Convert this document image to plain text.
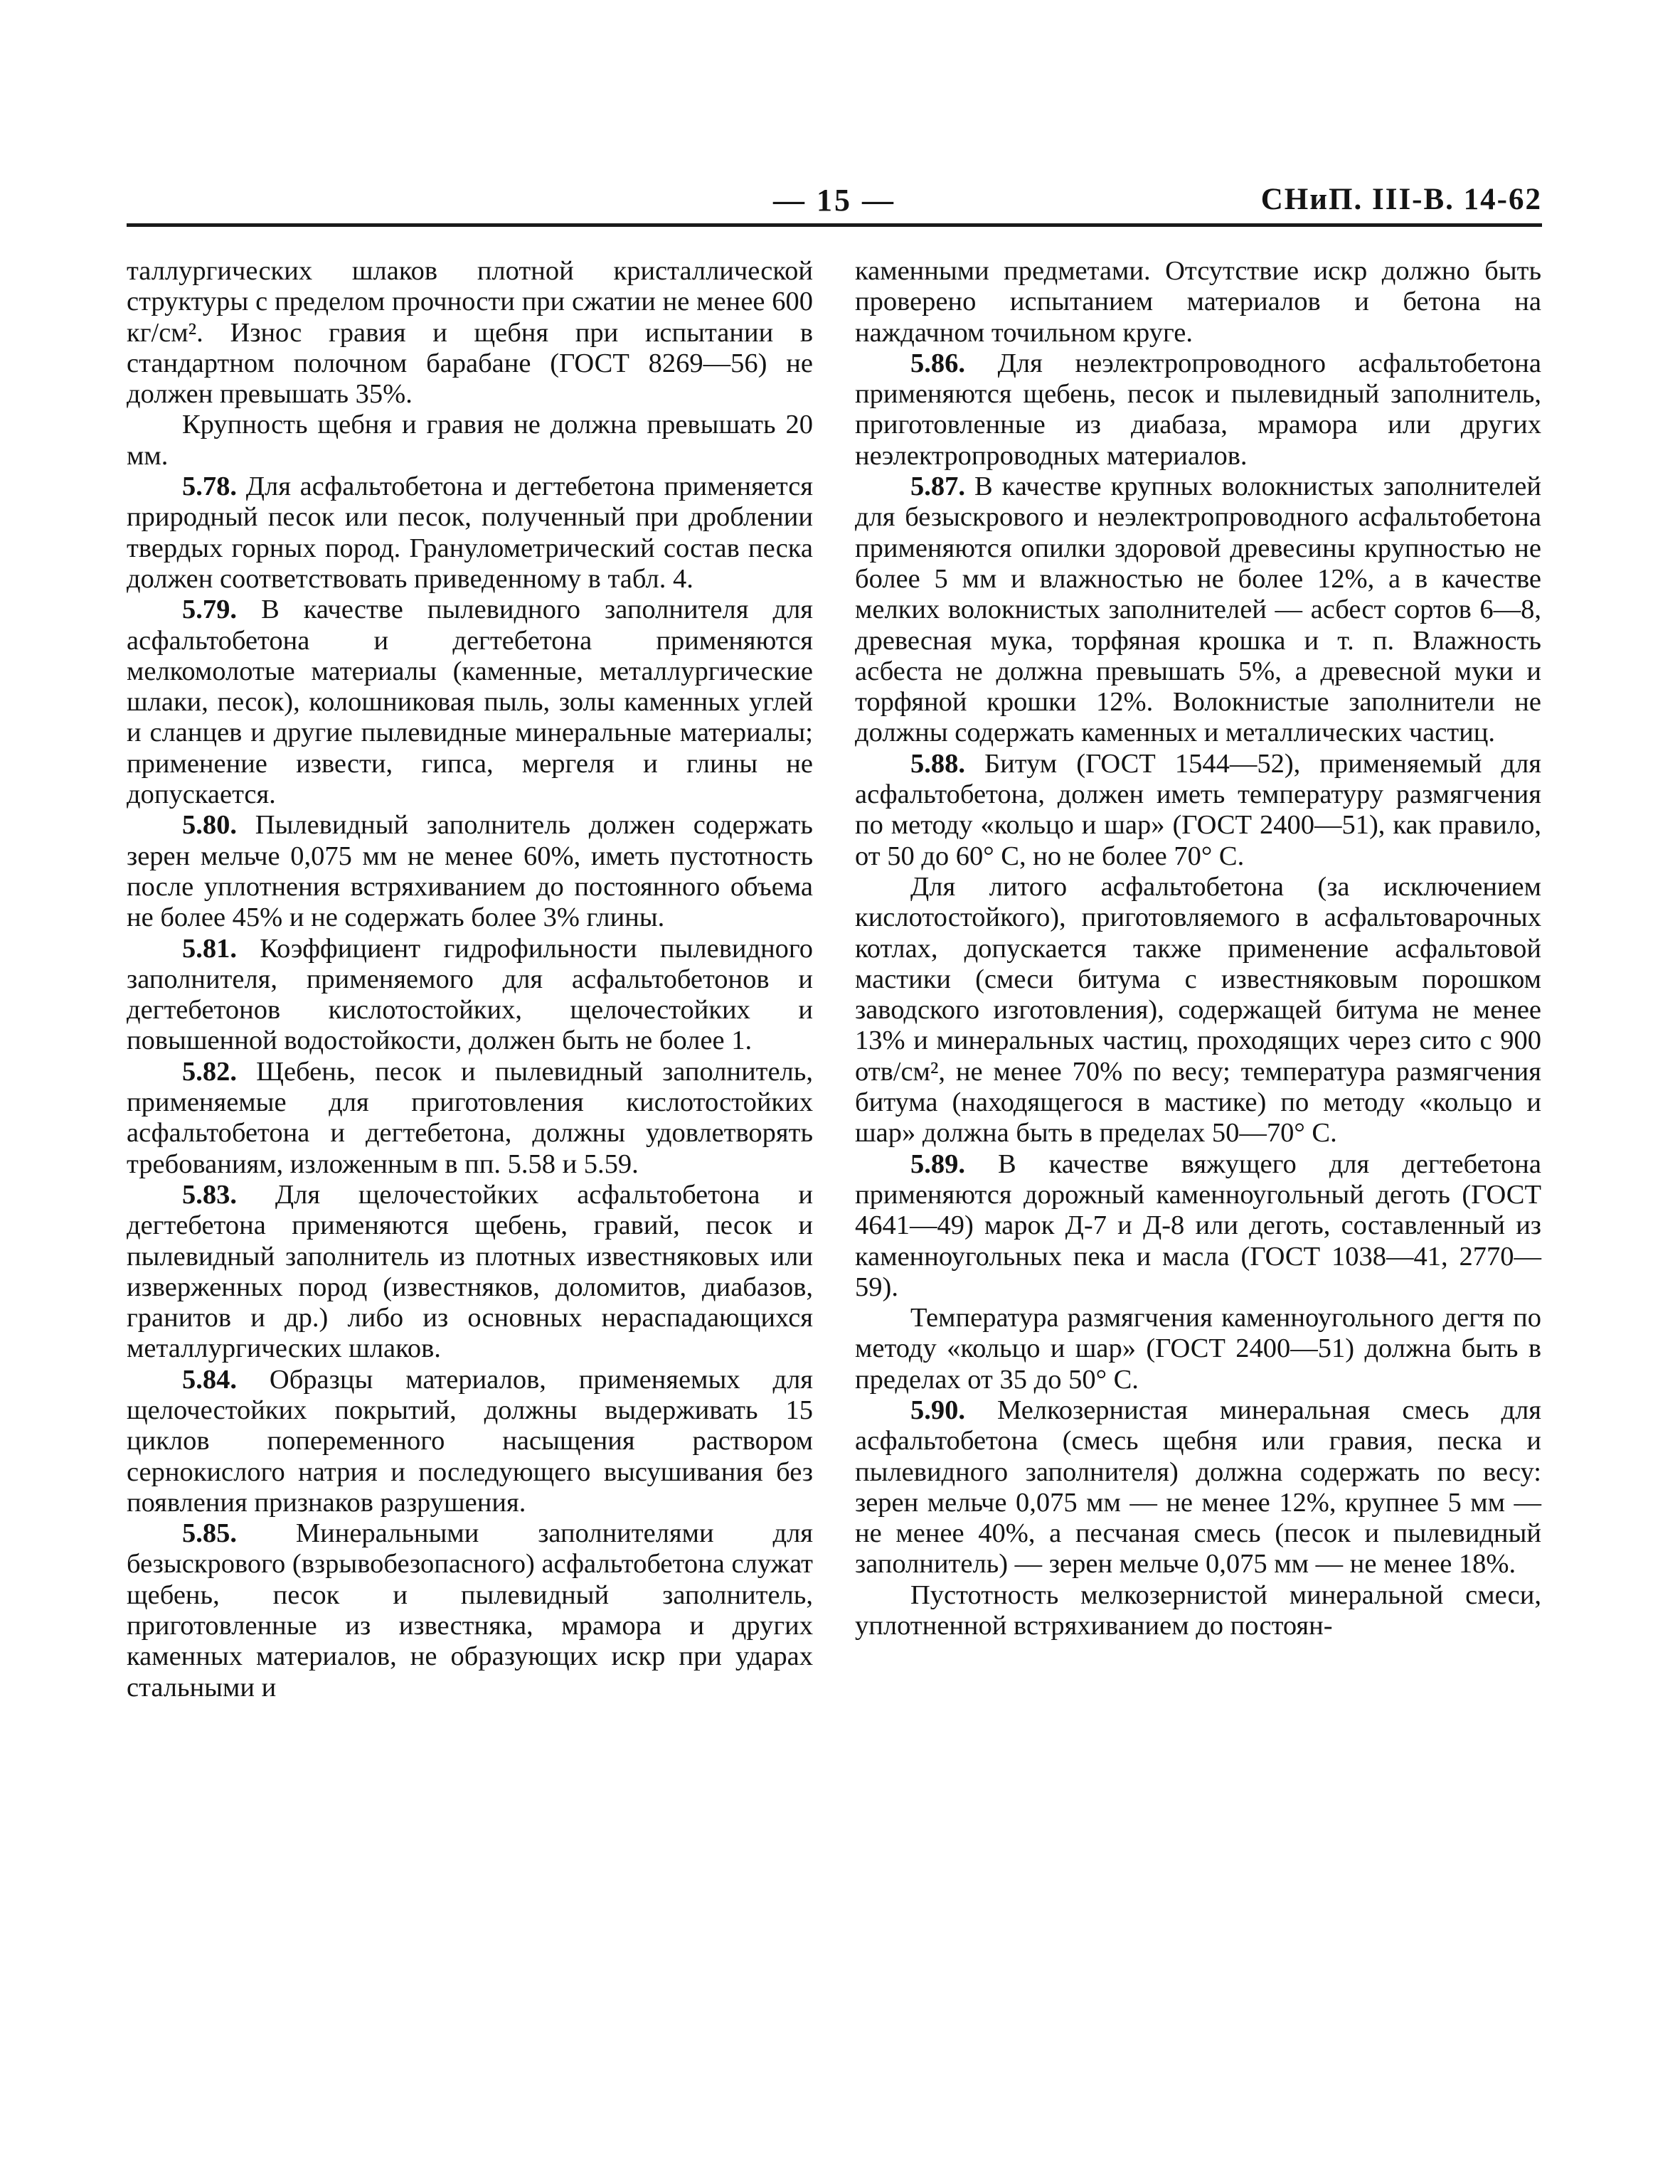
— 15 —	СНиП. III-В. 14-62

таллургических шлаков плотной кристаллической структуры с пределом прочности при сжатии не менее 600 кг/см². Износ гравия и щебня при испытании в стандартном полочном барабане (ГОСТ 8269—56) не должен превышать 35%.

Крупность щебня и гравия не должна превышать 20 мм.

5.78. Для асфальтобетона и дегтебетона применяется природный песок или песок, полученный при дроблении твердых горных пород. Гранулометрический состав песка должен соответствовать приведенному в табл. 4.

5.79. В качестве пылевидного заполнителя для асфальтобетона и дегтебетона применяются мелкомолотые материалы (каменные, металлургические шлаки, песок), колошниковая пыль, золы каменных углей и сланцев и другие пылевидные минеральные материалы; применение извести, гипса, мергеля и глины не допускается.

5.80. Пылевидный заполнитель должен содержать зерен мельче 0,075 мм не менее 60%, иметь пустотность после уплотнения встряхиванием до постоянного объема не более 45% и не содержать более 3% глины.

5.81. Коэффициент гидрофильности пылевидного заполнителя, применяемого для асфальтобетонов и дегтебетонов кислотостойких, щелочестойких и повышенной водостойкости, должен быть не более 1.

5.82. Щебень, песок и пылевидный заполнитель, применяемые для приготовления кислотостойких асфальтобетона и дегтебетона, должны удовлетворять требованиям, изложенным в пп. 5.58 и 5.59.

5.83. Для щелочестойких асфальтобетона и дегтебетона применяются щебень, гравий, песок и пылевидный заполнитель из плотных известняковых или изверженных пород (известняков, доломитов, диабазов, гранитов и др.) либо из основных нераспадающихся металлургических шлаков.

5.84. Образцы материалов, применяемых для щелочестойких покрытий, должны выдерживать 15 циклов попеременного насыщения раствором сернокислого натрия и последующего высушивания без появления признаков разрушения.

5.85. Минеральными заполнителями для безыскрового (взрывобезопасного) асфальтобетона служат щебень, песок и пылевидный заполнитель, приготовленные из известняка, мрамора и других каменных материалов, не образующих искр при ударах стальными и

каменными предметами. Отсутствие искр должно быть проверено испытанием материалов и бетона на наждачном точильном круге.

5.86. Для неэлектропроводного асфальтобетона применяются щебень, песок и пылевидный заполнитель, приготовленные из диабаза, мрамора или других неэлектропроводных материалов.

5.87. В качестве крупных волокнистых заполнителей для безыскрового и неэлектропроводного асфальтобетона применяются опилки здоровой древесины крупностью не более 5 мм и влажностью не более 12%, а в качестве мелких волокнистых заполнителей — асбест сортов 6—8, древесная мука, торфяная крошка и т. п. Влажность асбеста не должна превышать 5%, а древесной муки и торфяной крошки 12%. Волокнистые заполнители не должны содержать каменных и металлических частиц.

5.88. Битум (ГОСТ 1544—52), применяемый для асфальтобетона, должен иметь температуру размягчения по методу «кольцо и шар» (ГОСТ 2400—51), как правило, от 50 до 60° С, но не более 70° С.

Для литого асфальтобетона (за исключением кислотостойкого), приготовляемого в асфальтоварочных котлах, допускается также применение асфальтовой мастики (смеси битума с известняковым порошком заводского изготовления), содержащей битума не менее 13% и минеральных частиц, проходящих через сито с 900 отв/см², не менее 70% по весу; температура размягчения битума (находящегося в мастике) по методу «кольцо и шар» должна быть в пределах 50—70° С.

5.89. В качестве вяжущего для дегтебетона применяются дорожный каменноугольный деготь (ГОСТ 4641—49) марок Д-7 и Д-8 или деготь, составленный из каменноугольных пека и масла (ГОСТ 1038—41, 2770—59).

Температура размягчения каменноугольного дегтя по методу «кольцо и шар» (ГОСТ 2400—51) должна быть в пределах от 35 до 50° С.

5.90. Мелкозернистая минеральная смесь для асфальтобетона (смесь щебня или гравия, песка и пылевидного заполнителя) должна содержать по весу: зерен мельче 0,075 мм — не менее 12%, крупнее 5 мм — не менее 40%, а песчаная смесь (песок и пылевидный заполнитель) — зерен мельче 0,075 мм — не менее 18%.

Пустотность мелкозернистой минеральной смеси, уплотненной встряхиванием до постоян-
